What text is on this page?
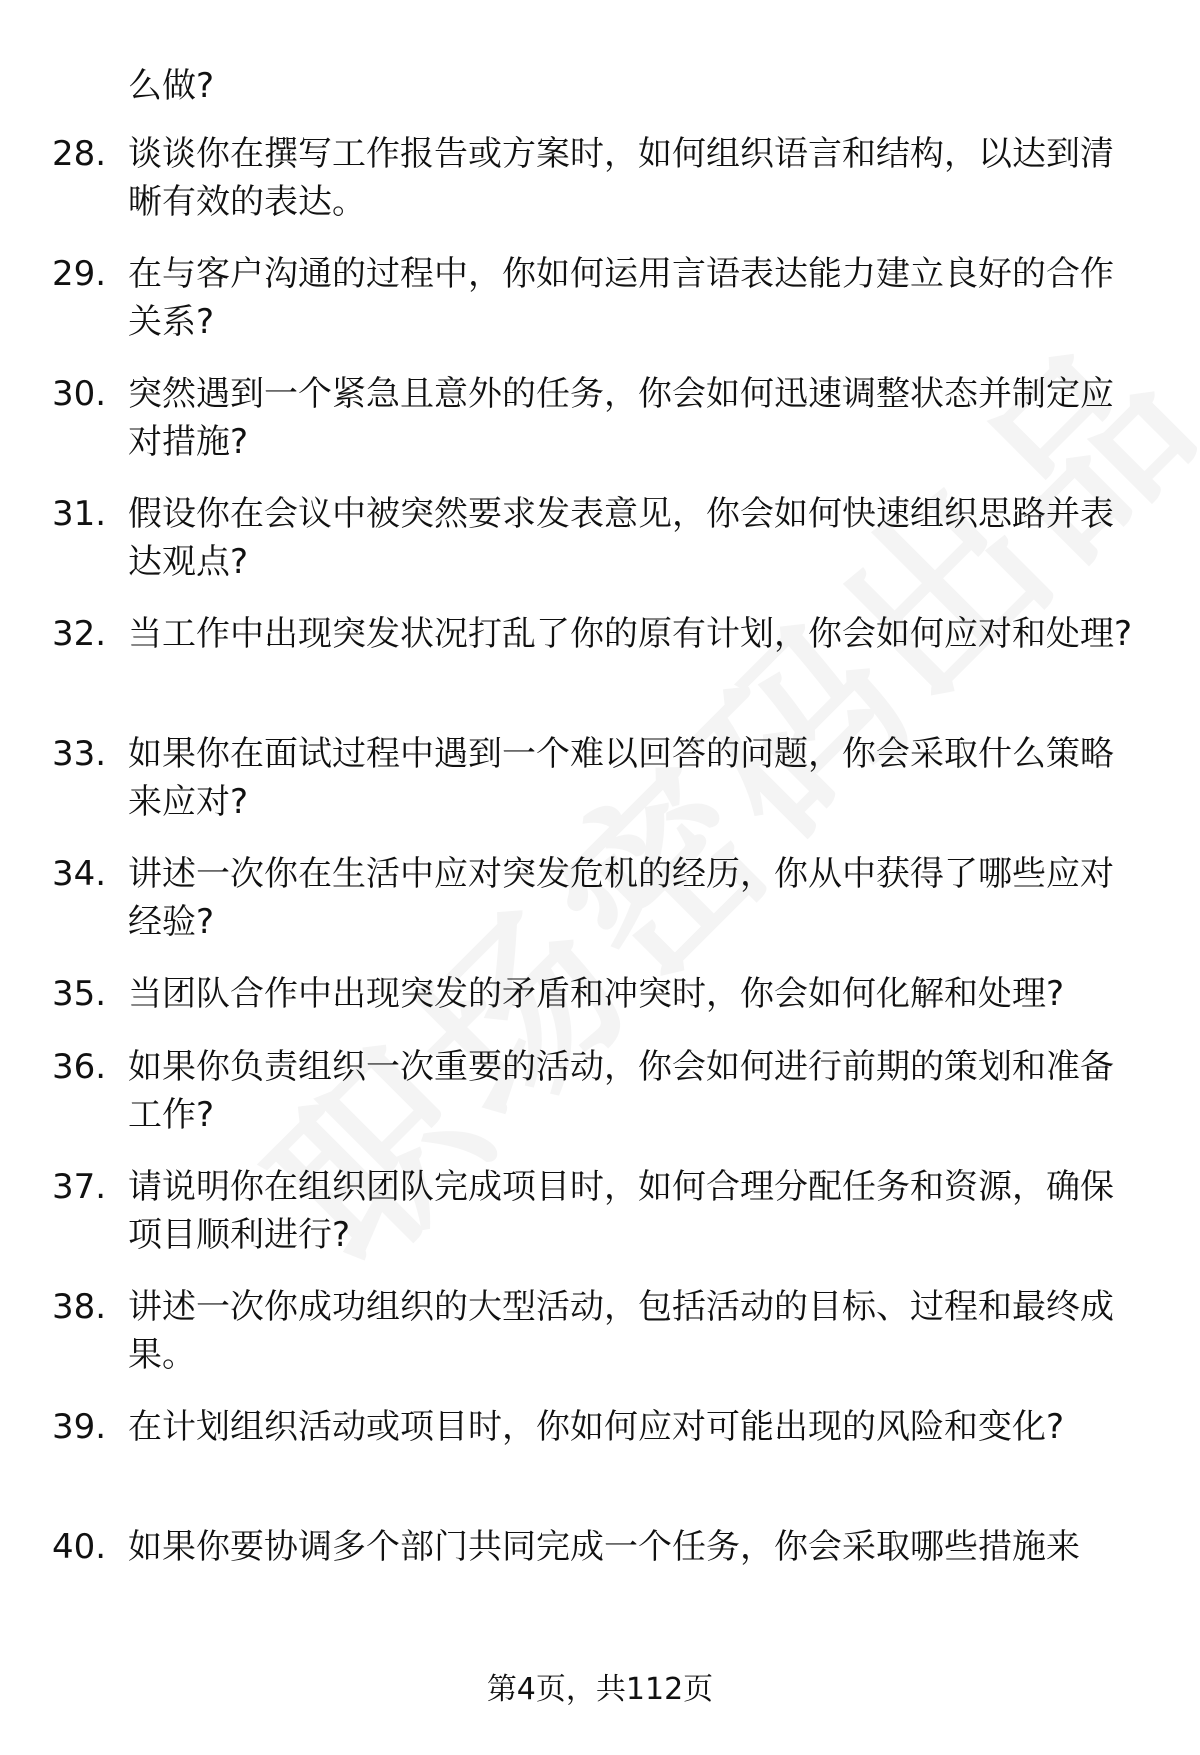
么做?

28. 谈谈你在撰写工作报告或方案时，如何组织语言和结构，以达到清晰有效的表达。
29. 在与客户沟通的过程中，你如何运用言语表达能力建立良好的合作关系?
30. 突然遇到一个紧急且意外的任务，你会如何迅速调整状态并制定应对措施?
31. 假设你在会议中被突然要求发表意见，你会如何快速组织思路并表达观点?
32. 当工作中出现突发状况打乱了你的原有计划，你会如何应对和处理?
33. 如果你在面试过程中遇到一个难以回答的问题，你会采取什么策略来应对?
34. 讲述一次你在生活中应对突发危机的经历，你从中获得了哪些应对经验?
35. 当团队合作中出现突发的矛盾和冲突时，你会如何化解和处理?
36. 如果你负责组织一次重要的活动，你会如何进行前期的策划和准备工作?
37. 请说明你在组织团队完成项目时，如何合理分配任务和资源，确保项目顺利进行?
38. 讲述一次你成功组织的大型活动，包括活动的目标、过程和最终成果。
39. 在计划组织活动或项目时，你如何应对可能出现的风险和变化?
40. 如果你要协调多个部门共同完成一个任务，你会采取哪些措施来
第4页，共112页
